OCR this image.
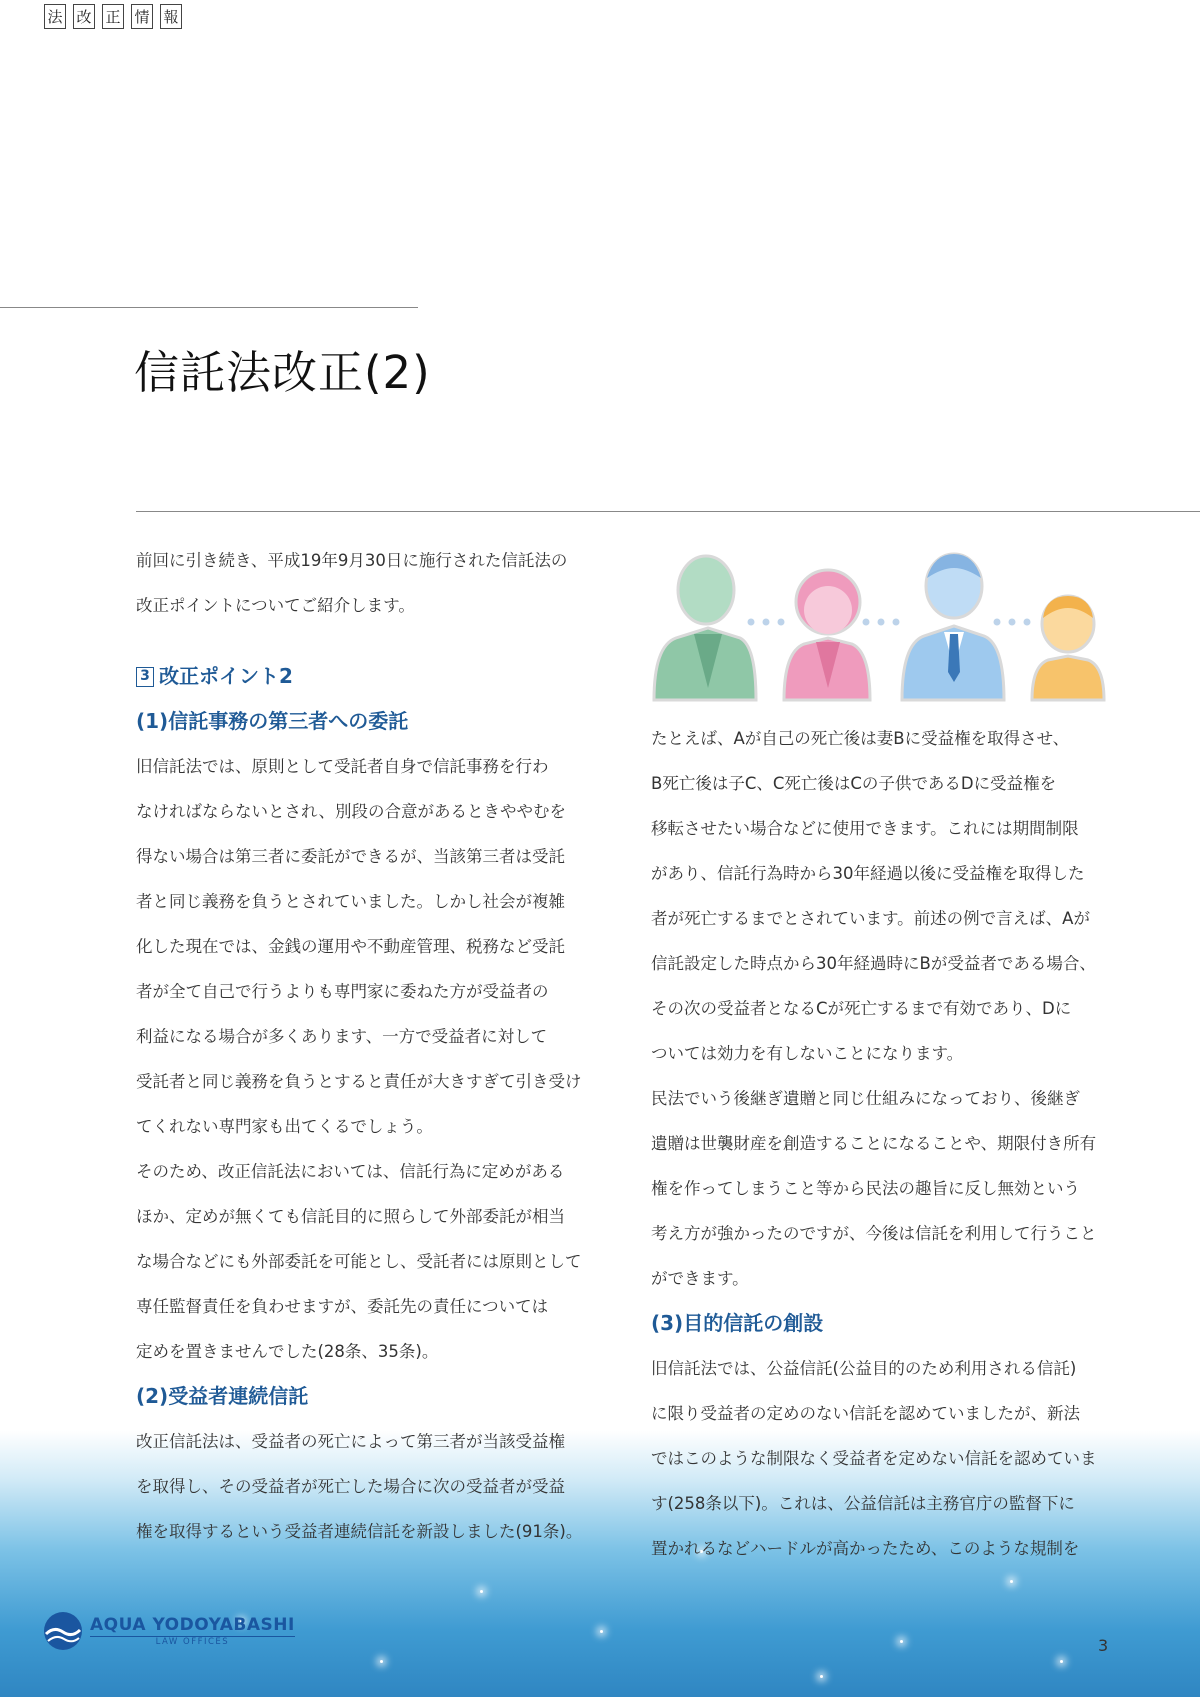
法 改 正 情 報
信託法改正(2)

前回に引き続き、平成19年9月30日に施行された信託法の
改正ポイントについてご紹介します。

3 改正ポイント2
(1)信託事務の第三者への委託

旧信託法では、原則として受託者自身で信託事務を行わ
なければならないとされ、別段の合意があるときややむを
得ない場合は第三者に委託ができるが、当該第三者は受託
者と同じ義務を負うとされていました。しかし社会が複雑
化した現在では、金銭の運用や不動産管理、税務など受託
者が全て自己で行うよりも専門家に委ねた方が受益者の
利益になる場合が多くあります、一方で受益者に対して
受託者と同じ義務を負うとすると責任が大きすぎて引き受け
てくれない専門家も出てくるでしょう。

そのため、改正信託法においては、信託行為に定めがある
ほか、定めが無くても信託目的に照らして外部委託が相当
な場合などにも外部委託を可能とし、受託者には原則として
専任監督責任を負わせますが、委託先の責任については
定めを置きませんでした(28条、35条)。

(2)受益者連続信託

改正信託法は、受益者の死亡によって第三者が当該受益権
を取得し、その受益者が死亡した場合に次の受益者が受益
権を取得するという受益者連続信託を新設しました(91条)。

たとえば、Aが自己の死亡後は妻Bに受益権を取得させ、
B死亡後は子C、C死亡後はCの子供であるDに受益権を
移転させたい場合などに使用できます。これには期間制限
があり、信託行為時から30年経過以後に受益権を取得した
者が死亡するまでとされています。前述の例で言えば、Aが
信託設定した時点から30年経過時にBが受益者である場合、
その次の受益者となるCが死亡するまで有効であり、Dに
ついては効力を有しないことになります。

民法でいう後継ぎ遺贈と同じ仕組みになっており、後継ぎ
遺贈は世襲財産を創造することになることや、期限付き所有
権を作ってしまうこと等から民法の趣旨に反し無効という
考え方が強かったのですが、今後は信託を利用して行うこと
ができます。

(3)目的信託の創設

旧信託法では、公益信託(公益目的のため利用される信託)
に限り受益者の定めのない信託を認めていましたが、新法
ではこのような制限なく受益者を定めない信託を認めていま
す(258条以下)。これは、公益信託は主務官庁の監督下に
置かれるなどハードルが高かったため、このような規制を

AQUA YODOYABASHI
LAW OFFICES	3
